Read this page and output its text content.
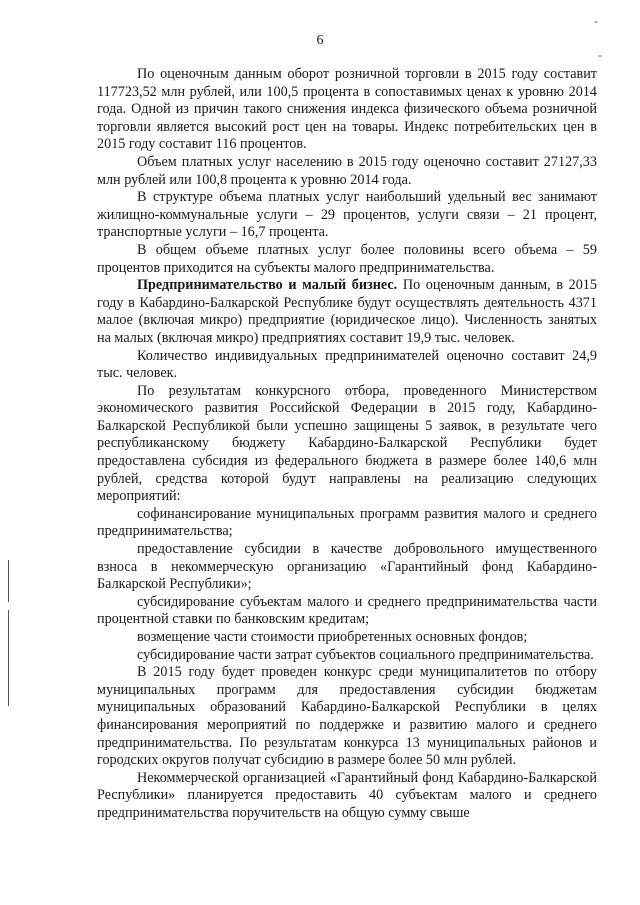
6
-
-

По оценочным данным оборот розничной торговли в 2015 году составит 117723,52 млн рублей, или 100,5 процента в сопоставимых ценах к уровню 2014 года. Одной из причин такого снижения индекса физического объема розничной торговли является высокий рост цен на товары. Индекс потребительских цен в 2015 году составит 116 процентов.

Объем платных услуг населению в 2015 году оценочно составит 27127,33 млн рублей или 100,8 процента к уровню 2014 года.

В структуре объема платных услуг наибольший удельный вес занимают жилищно-коммунальные услуги – 29 процентов, услуги связи – 21 процент, транспортные услуги – 16,7 процента.

В общем объеме платных услуг более половины всего объема – 59 процентов приходится на субъекты малого предпринимательства.

Предпринимательство и малый бизнес. По оценочным данным, в 2015 году в Кабардино-Балкарской Республике будут осуществлять деятельность 4371 малое (включая микро) предприятие (юридическое лицо). Численность занятых на малых (включая микро) предприятиях составит 19,9 тыс. человек.

Количество индивидуальных предпринимателей оценочно составит 24,9 тыс. человек.

По результатам конкурсного отбора, проведенного Министерством экономического развития Российской Федерации в 2015 году, Кабардино-Балкарской Республикой были успешно защищены 5 заявок, в результате чего республиканскому бюджету Кабардино-Балкарской Республики будет предоставлена субсидия из федерального бюджета в размере более 140,6 млн рублей, средства которой будут направлены на реализацию следующих мероприятий:

софинансирование муниципальных программ развития малого и среднего предпринимательства;

предоставление субсидии в качестве добровольного имущественного взноса в некоммерческую организацию «Гарантийный фонд Кабардино-Балкарской Республики»;

субсидирование субъектам малого и среднего предпринимательства части процентной ставки по банковским кредитам;

возмещение части стоимости приобретенных основных фондов;

субсидирование части затрат субъектов социального предпринимательства.

В 2015 году будет проведен конкурс среди муниципалитетов по отбору муниципальных программ для предоставления субсидии бюджетам муниципальных образований Кабардино-Балкарской Республики в целях финансирования мероприятий по поддержке и развитию малого и среднего предпринимательства. По результатам конкурса 13 муниципальных районов и городских округов получат субсидию в размере более 50 млн рублей.

Некоммерческой организацией «Гарантийный фонд Кабардино-Балкарской Республики» планируется предоставить 40 субъектам малого и среднего предпринимательства поручительств на общую сумму свыше
